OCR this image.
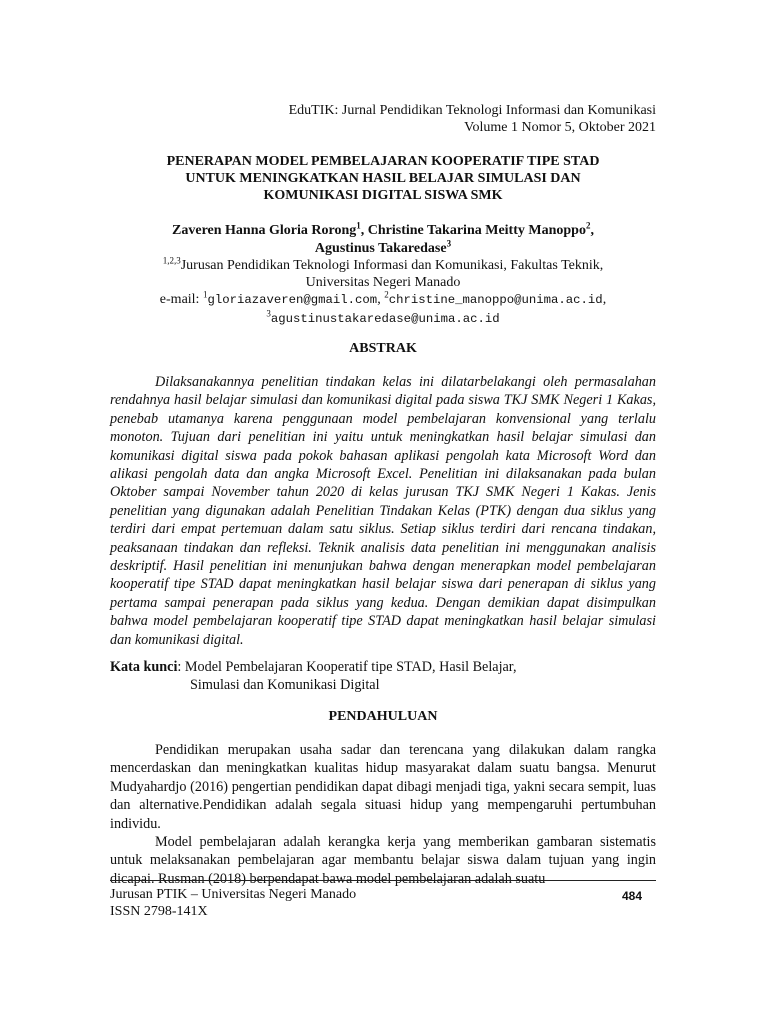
EduTIK: Jurnal Pendidikan Teknologi Informasi dan Komunikasi
Volume 1 Nomor 5, Oktober 2021
PENERAPAN MODEL PEMBELAJARAN KOOPERATIF TIPE STAD
UNTUK MENINGKATKAN HASIL BELAJAR SIMULASI DAN
KOMUNIKASI DIGITAL SISWA SMK
Zaveren Hanna Gloria Rorong$^1$, Christine Takarina Meitty Manoppo$^2$,
Agustinus Takaredase$^3$
$^{1,2,3}$Jurusan Pendidikan Teknologi Informasi dan Komunikasi, Fakultas Teknik,
Universitas Negeri Manado
e-mail: $^1$gloriazaveren@gmail.com, $^2$christine_manoppo@unima.ac.id,
$^3$agustinustakaredase@unima.ac.id
ABSTRAK
Dilaksanakannya penelitian tindakan kelas ini dilatarbelakangi oleh permasalahan rendahnya hasil belajar simulasi dan komunikasi digital pada siswa TKJ SMK Negeri 1 Kakas, penebab utamanya karena penggunaan model pembelajaran konvensional yang terlalu monoton. Tujuan dari penelitian ini yaitu untuk meningkatkan hasil belajar simulasi dan komunikasi digital siswa pada pokok bahasan aplikasi pengolah kata Microsoft Word dan alikasi pengolah data dan angka Microsoft Excel. Penelitian ini dilaksanakan pada bulan Oktober sampai November tahun 2020 di kelas jurusan TKJ SMK Negeri 1 Kakas. Jenis penelitian yang digunakan adalah Penelitian Tindakan Kelas (PTK) dengan dua siklus yang terdiri dari empat pertemuan dalam satu siklus. Setiap siklus terdiri dari rencana tindakan, peaksanaan tindakan dan refleksi. Teknik analisis data penelitian ini menggunakan analisis deskriptif. Hasil penelitian ini menunjukan bahwa dengan menerapkan model pembelajaran kooperatif tipe STAD dapat meningkatkan hasil belajar siswa dari penerapan di siklus yang pertama sampai penerapan pada siklus yang kedua. Dengan demikian dapat disimpulkan bahwa model pembelajaran kooperatif tipe STAD dapat meningkatkan hasil belajar simulasi dan komunikasi digital.
Kata kunci: Model Pembelajaran Kooperatif tipe STAD, Hasil Belajar,
Simulasi dan Komunikasi Digital
PENDAHULUAN

Pendidikan merupakan usaha sadar dan terencana yang dilakukan dalam rangka mencerdaskan dan meningkatkan kualitas hidup masyarakat dalam suatu bangsa. Menurut Mudyahardjo (2016) pengertian pendidikan dapat dibagi menjadi tiga, yakni secara sempit, luas dan alternative.Pendidikan adalah segala situasi hidup yang mempengaruhi pertumbuhan individu.

Model pembelajaran adalah kerangka kerja yang memberikan gambaran sistematis untuk melaksanakan pembelajaran agar membantu belajar siswa dalam tujuan yang ingin dicapai. Rusman (2018) berpendapat bawa model pembelajaran adalah suatu

Jurusan PTIK – Universitas Negeri Manado
ISSN 2798-141X
484
